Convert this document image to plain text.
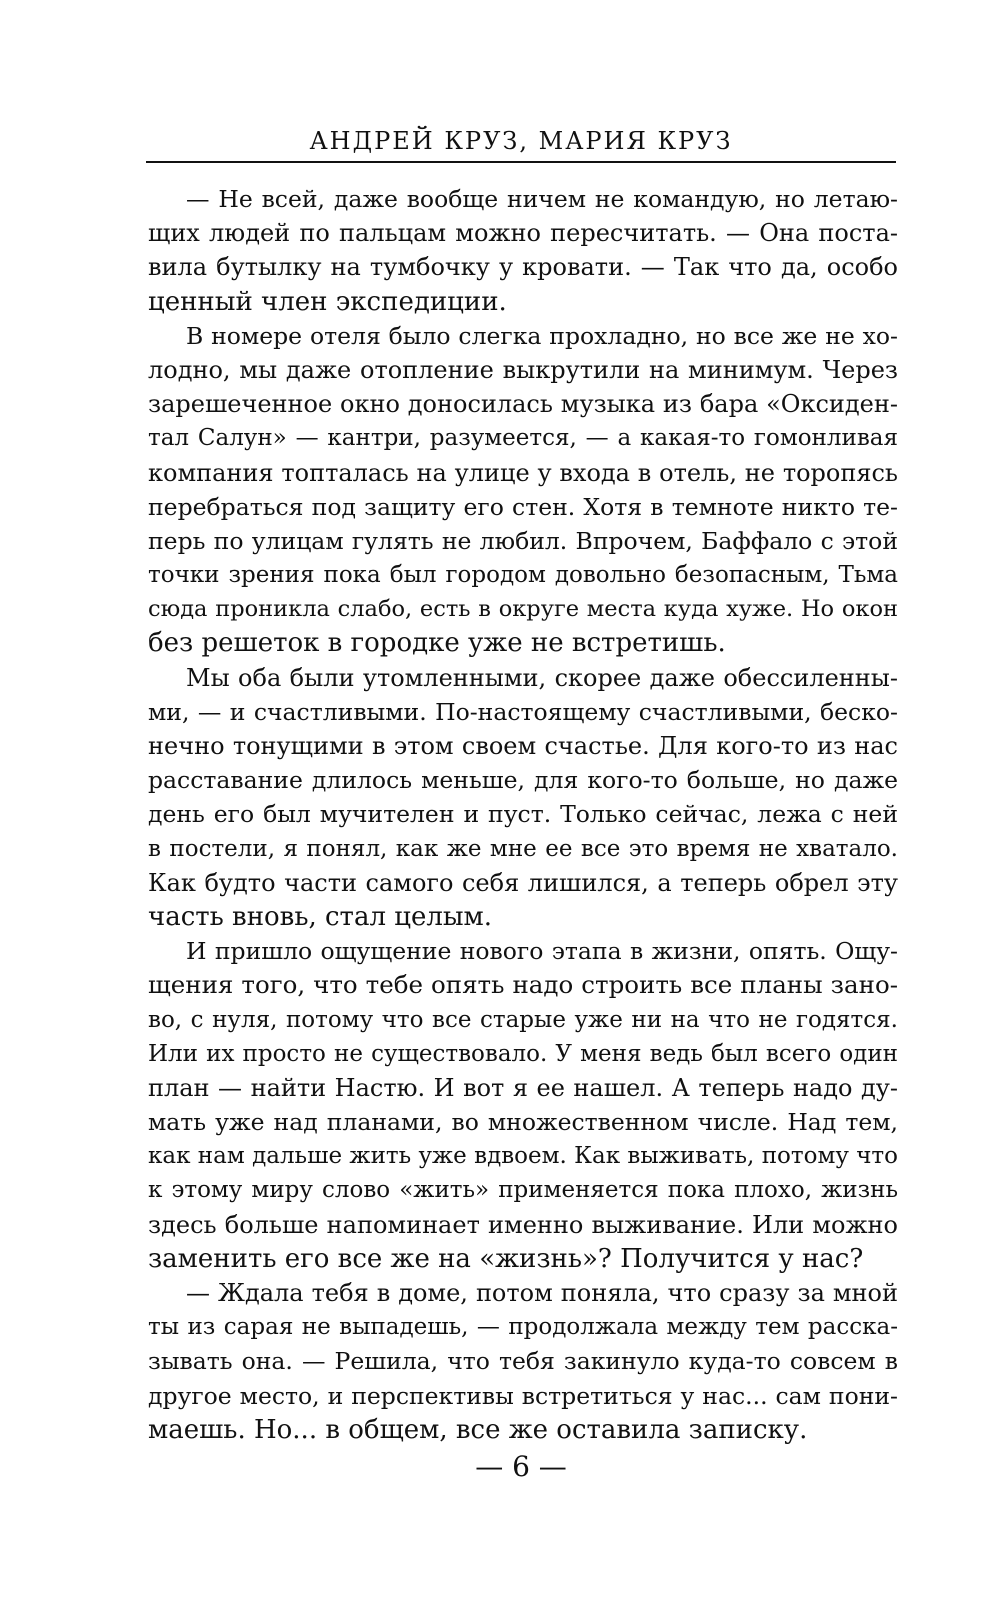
АНДРЕЙ КРУЗ, МАРИЯ КРУЗ
— Не всей, даже вообще ничем не командую, но летаю-
щих людей по пальцам можно пересчитать. — Она поста-
вила бутылку на тумбочку у кровати. — Так что да, особо
ценный член экспедиции.
В номере отеля было слегка прохладно, но все же не хо-
лодно, мы даже отопление выкрутили на минимум. Через
зарешеченное окно доносилась музыка из бара «Оксиден-
тал Салун» — кантри, разумеется, — а какая-то гомонливая
компания топталась на улице у входа в отель, не торопясь
перебраться под защиту его стен. Хотя в темноте никто те-
перь по улицам гулять не любил. Впрочем, Баффало с этой
точки зрения пока был городом довольно безопасным, Тьма
сюда проникла слабо, есть в округе места куда хуже. Но окон
без решеток в городке уже не встретишь.
Мы оба были утомленными, скорее даже обессиленны-
ми, — и счастливыми. По-настоящему счастливыми, беско-
нечно тонущими в этом своем счастье. Для кого-то из нас
расставание длилось меньше, для кого-то больше, но даже
день его был мучителен и пуст. Только сейчас, лежа с ней
в постели, я понял, как же мне ее все это время не хватало.
Как будто части самого себя лишился, а теперь обрел эту
часть вновь, стал целым.
И пришло ощущение нового этапа в жизни, опять. Ощу-
щения того, что тебе опять надо строить все планы зано-
во, с нуля, потому что все старые уже ни на что не годятся.
Или их просто не существовало. У меня ведь был всего один
план — найти Настю. И вот я ее нашел. А теперь надо ду-
мать уже над планами, во множественном числе. Над тем,
как нам дальше жить уже вдвоем. Как выживать, потому что
к этому миру слово «жить» применяется пока плохо, жизнь
здесь больше напоминает именно выживание. Или можно
заменить его все же на «жизнь»? Получится у нас?
— Ждала тебя в доме, потом поняла, что сразу за мной
ты из сарая не выпадешь, — продолжала между тем расска-
зывать она. — Решила, что тебя закинуло куда-то совсем в
другое место, и перспективы встретиться у нас... сам пони-
маешь. Но... в общем, все же оставила записку.
— 6 —
